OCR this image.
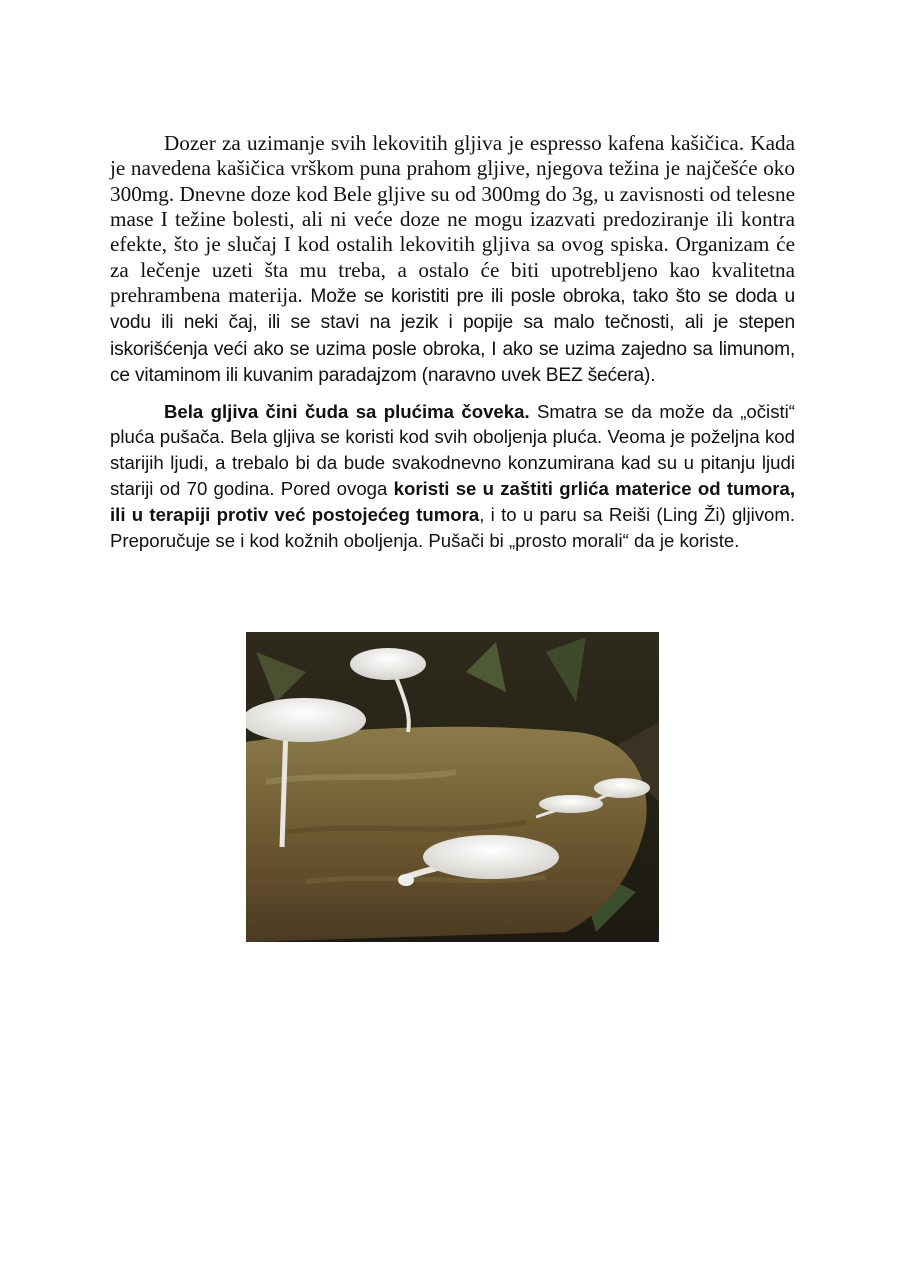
Dozer za uzimanje svih lekovitih gljiva je espresso kafena kašičica. Kada je navedena kašičica vrškom puna prahom gljive, njegova težina je najčešće oko 300mg. Dnevne doze kod Bele gljive su od 300mg do 3g, u zavisnosti od telesne mase I težine bolesti, ali ni veće doze ne mogu izazvati predoziranje ili kontra efekte, što je slučaj I kod ostalih lekovitih gljiva sa ovog spiska. Organizam će za lečenje uzeti šta mu treba, a ostalo će biti upotrebljeno kao kvalitetna prehrambena materija. Može se koristiti pre ili posle obroka, tako što se doda u vodu ili neki čaj, ili se stavi na jezik i popije sa malo tečnosti, ali je stepen iskorišćenja veći ako se uzima posle obroka, I ako se uzima zajedno sa limunom, ce vitaminom ili kuvanim paradajzom (naravno uvek BEZ šećera).

Bela gljiva čini čuda sa plućima čoveka. Smatra se da može da „očisti“ pluća pušača. Bela gljiva se koristi kod svih oboljenja pluća. Veoma je poželjna kod starijih ljudi, a trebalo bi da bude svakodnevno konzumirana kad su u pitanju ljudi stariji od 70 godina. Pored ovoga koristi se u zaštiti grlića materice od tumora, ili u terapiji protiv već postojećeg tumora, i to u paru sa Reiši (Ling Ži) gljivom. Preporučuje se i kod kožnih oboljenja. Pušači bi „prosto morali“ da je koriste.
